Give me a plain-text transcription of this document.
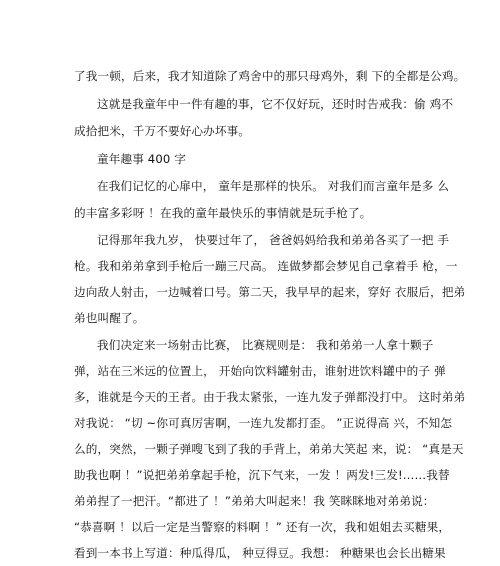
了我一顿，后来，我才知道除了鸡舍中的那只母鸡外，剩 下的全都是公鸡。
这就是我童年中一件有趣的事，它不仅好玩，还时时告戒我：偷 鸡不
成拾把米，千万不要好心办坏事。
童年趣事 400 字
在我们记忆的心扉中， 童年是那样的快乐。 对我们而言童年是多 么
的丰富多彩呀 ！在我的童年最快乐的事情就是玩手枪了。
记得那年我九岁， 快要过年了， 爸爸妈妈给我和弟弟各买了一把 手
枪。我和弟弟拿到手枪后一蹦三尺高。 连做梦都会梦见自己拿着手 枪，一
边向敌人射击，一边喊着口号。第二天，我早早的起来，穿好 衣服后，把弟
弟也叫醒了。
我们决定来一场射击比赛， 比赛规则是： 我和弟弟一人拿十颗子
弹，站在三米远的位置上， 开始向饮料罐射击，谁射进饮料罐中的子 弹
多，谁就是今天的王者。由于我太紧张，一连九发子弹都没打中。 这时弟弟
对我说： “切 ~你可真厉害啊，一连九发都打歪。 ”正说得高 兴，不知怎
么的，突然，一颗子弹嗖飞到了我的手背上，弟弟大笑起 来，说： “真是天
助我也啊 ！”说把弟弟拿起手枪，沉下气来，一发 ！两发!三发!……我替
弟弟捏了一把汗。“都进了 ！”弟弟大叫起来！我 笑眯眯地对弟弟说：
“恭喜啊 ！以后一定是当警察的料啊 ！” 还有一次，我和姐姐去买糖果，
看到一本书上写道：种瓜得瓜， 种豆得豆。我想： 种糖果也会长出糖果
